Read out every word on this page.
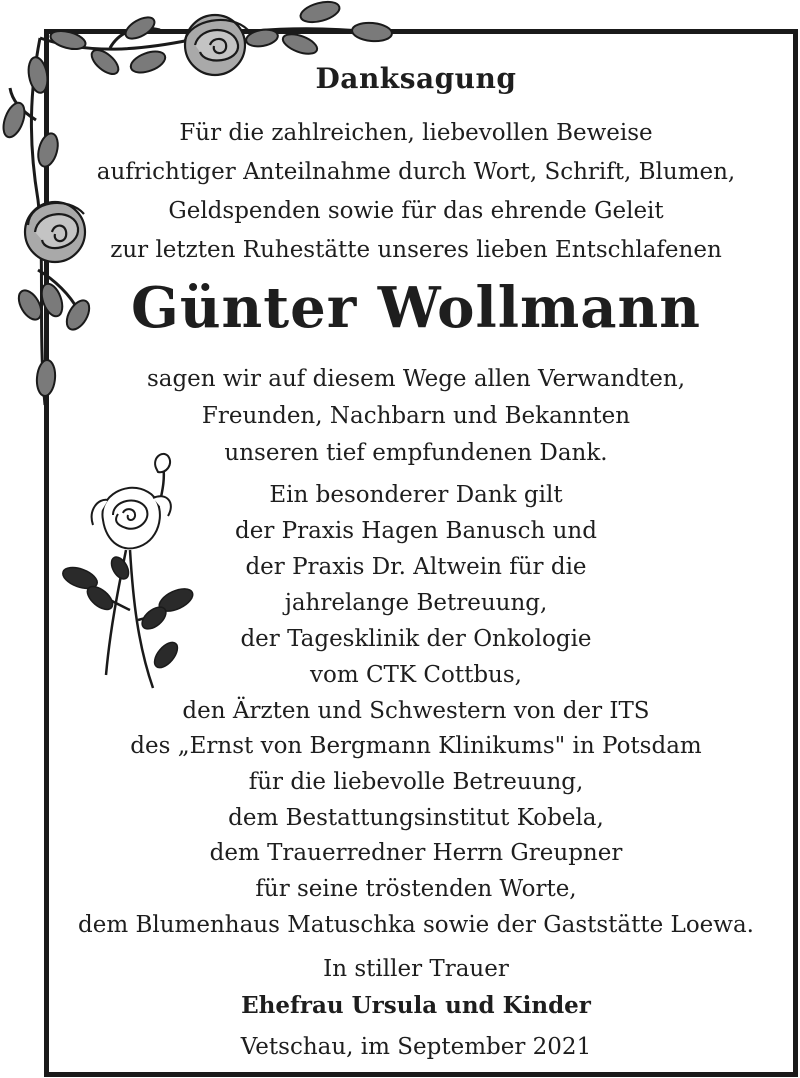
Danksagung
Für die zahlreichen, liebevollen Beweise
aufrichtiger Anteilnahme durch Wort, Schrift, Blumen,
Geldspenden sowie für das ehrende Geleit
zur letzten Ruhestätte unseres lieben Entschlafenen
Günter Wollmann
sagen wir auf diesem Wege allen Verwandten,
Freunden, Nachbarn und Bekannten
unseren tief empfundenen Dank.
Ein besonderer Dank gilt
der Praxis Hagen Banusch und
der Praxis Dr. Altwein für die
jahrelange Betreuung,
der Tagesklinik der Onkologie
vom CTK Cottbus,
den Ärzten und Schwestern von der ITS
des „Ernst von Bergmann Klinikums" in Potsdam
für die liebevolle Betreuung,
dem Bestattungsinstitut Kobela,
dem Trauerredner Herrn Greupner
für seine tröstenden Worte,
dem Blumenhaus Matuschka sowie der Gaststätte Loewa.
In stiller Trauer
Ehefrau Ursula und Kinder
Vetschau, im September 2021
